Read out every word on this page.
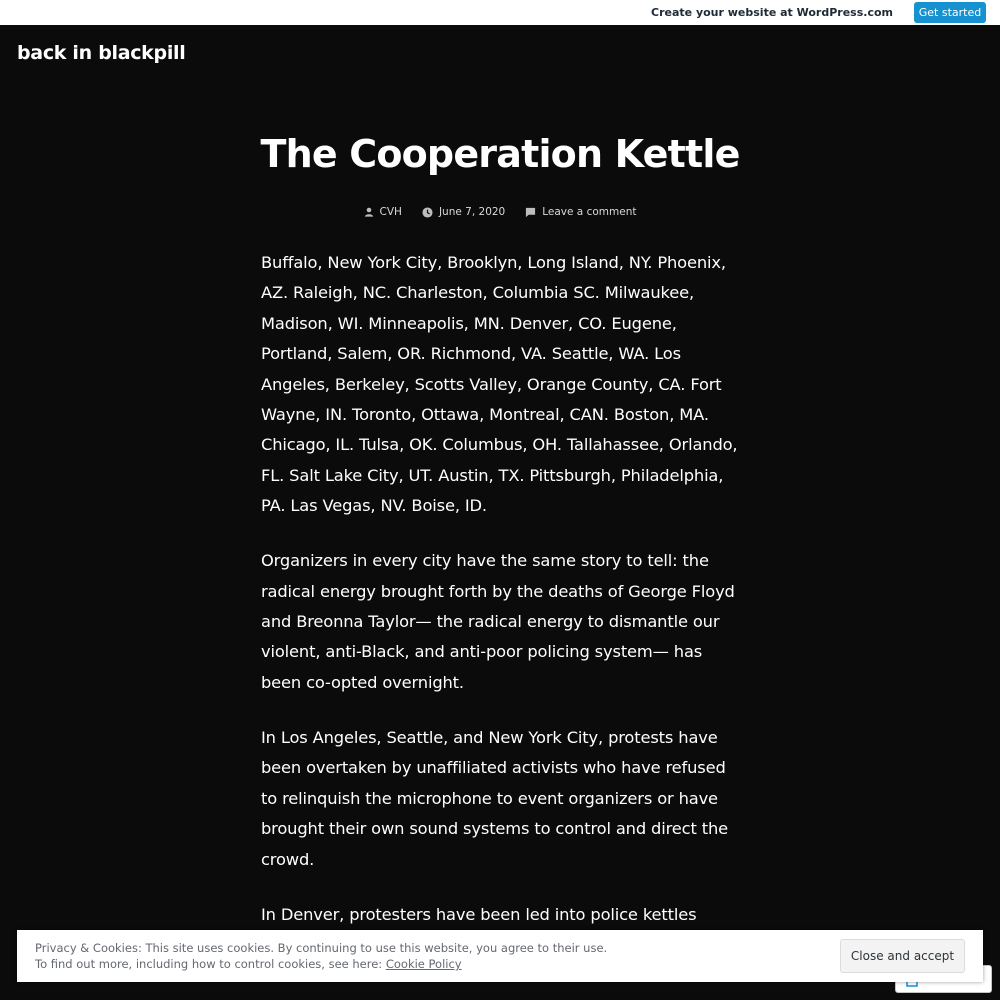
Create your website at WordPress.com	Get started
back in blackpill
The Cooperation Kettle
CVH	June 7, 2020	Leave a comment

Buffalo, New York City, Brooklyn, Long Island, NY. Phoenix, AZ. Raleigh, NC. Charleston, Columbia SC. Milwaukee, Madison, WI. Minneapolis, MN. Denver, CO. Eugene, Portland, Salem, OR. Richmond, VA. Seattle, WA. Los Angeles, Berkeley, Scotts Valley, Orange County, CA. Fort Wayne, IN. Toronto, Ottawa, Montreal, CAN. Boston, MA. Chicago, IL. Tulsa, OK. Columbus, OH. Tallahassee, Orlando, FL. Salt Lake City, UT. Austin, TX. Pittsburgh, Philadelphia, PA. Las Vegas, NV. Boise, ID.

Organizers in every city have the same story to tell: the radical energy brought forth by the deaths of George Floyd and Breonna Taylor— the radical energy to dismantle our violent, anti-Black, and anti-poor policing system— has been co-opted overnight.

In Los Angeles, Seattle, and New York City, protests have been overtaken by unaffiliated activists who have refused to relinquish the microphone to event organizers or have brought their own sound systems to control and direct the crowd.

In Denver, protesters have been led into police kettles

Privacy & Cookies: This site uses cookies. By continuing to use this website, you agree to their use.
To find out more, including how to control cookies, see here: Cookie Policy
Close and accept
